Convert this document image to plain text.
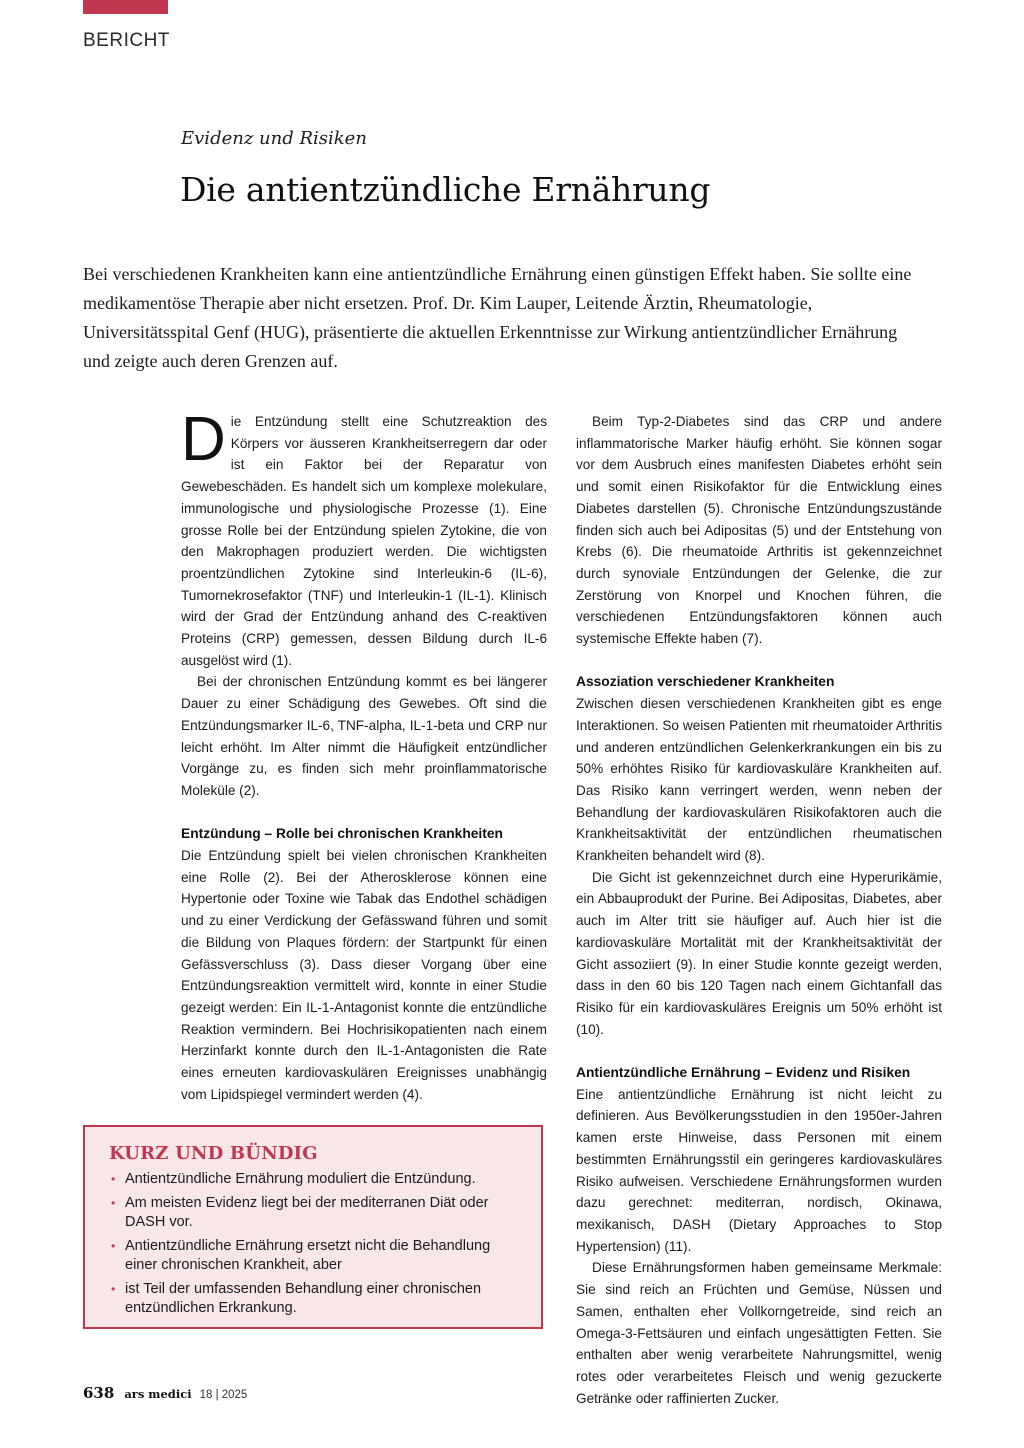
BERICHT
Evidenz und Risiken
Die antientzündliche Ernährung

Bei verschiedenen Krankheiten kann eine antientzündliche Ernährung einen günstigen Effekt haben. Sie sollte eine medikamentöse Therapie aber nicht ersetzen. Prof. Dr. Kim Lauper, Leitende Ärztin, Rheumatologie, Universitätsspital Genf (HUG), präsentierte die aktuellen Erkenntnisse zur Wirkung antientzündlicher Ernährung und zeigte auch deren Grenzen auf.

D ie Entzündung stellt eine Schutzreaktion des Körpers vor äusseren Krankheitserregern dar oder ist ein Faktor bei der Reparatur von Gewebeschäden. Es handelt sich um komplexe molekulare, immunologische und physiologische Prozesse (1). Eine grosse Rolle bei der Entzündung spielen Zytokine, die von den Makrophagen produziert werden. Die wichtigsten proentzündlichen Zytokine sind Interleukin-6 (IL-6), Tumornekrosefaktor (TNF) und Interleukin-1 (IL-1). Klinisch wird der Grad der Entzündung anhand des C-reaktiven Proteins (CRP) gemessen, dessen Bildung durch IL-6 ausgelöst wird (1).

Bei der chronischen Entzündung kommt es bei längerer Dauer zu einer Schädigung des Gewebes. Oft sind die Entzündungsmarker IL-6, TNF-alpha, IL-1-beta und CRP nur leicht erhöht. Im Alter nimmt die Häufigkeit entzündlicher Vorgänge zu, es finden sich mehr proinflammatorische Moleküle (2).

Entzündung – Rolle bei chronischen Krankheiten

Die Entzündung spielt bei vielen chronischen Krankheiten eine Rolle (2). Bei der Atherosklerose können eine Hypertonie oder Toxine wie Tabak das Endothel schädigen und zu einer Verdickung der Gefässwand führen und somit die Bildung von Plaques fördern: der Startpunkt für einen Gefässverschluss (3). Dass dieser Vorgang über eine Entzündungsreaktion vermittelt wird, konnte in einer Studie gezeigt werden: Ein IL-1-Antagonist konnte die entzündliche Reaktion vermindern. Bei Hochrisikopatienten nach einem Herzinfarkt konnte durch den IL-1-Antagonisten die Rate eines erneuten kardiovaskulären Ereignisses unabhängig vom Lipidspiegel vermindert werden (4).

Beim Typ-2-Diabetes sind das CRP und andere inflammatorische Marker häufig erhöht. Sie können sogar vor dem Ausbruch eines manifesten Diabetes erhöht sein und somit einen Risikofaktor für die Entwicklung eines Diabetes darstellen (5). Chronische Entzündungszustände finden sich auch bei Adipositas (5) und der Entstehung von Krebs (6). Die rheumatoide Arthritis ist gekennzeichnet durch synoviale Entzündungen der Gelenke, die zur Zerstörung von Knorpel und Knochen führen, die verschiedenen Entzündungsfaktoren können auch systemische Effekte haben (7).

Assoziation verschiedener Krankheiten

Zwischen diesen verschiedenen Krankheiten gibt es enge Interaktionen. So weisen Patienten mit rheumatoider Arthritis und anderen entzündlichen Gelenkerkrankungen ein bis zu 50% erhöhtes Risiko für kardiovaskuläre Krankheiten auf. Das Risiko kann verringert werden, wenn neben der Behandlung der kardiovaskulären Risikofaktoren auch die Krankheitsaktivität der entzündlichen rheumatischen Krankheiten behandelt wird (8).

Die Gicht ist gekennzeichnet durch eine Hyperurikämie, ein Abbauprodukt der Purine. Bei Adipositas, Diabetes, aber auch im Alter tritt sie häufiger auf. Auch hier ist die kardiovaskuläre Mortalität mit der Krankheitsaktivität der Gicht assoziiert (9). In einer Studie konnte gezeigt werden, dass in den 60 bis 120 Tagen nach einem Gichtanfall das Risiko für ein kardiovaskuläres Ereignis um 50% erhöht ist (10).

Antientzündliche Ernährung – Evidenz und Risiken

Eine antientzündliche Ernährung ist nicht leicht zu definieren. Aus Bevölkerungsstudien in den 1950er-Jahren kamen erste Hinweise, dass Personen mit einem bestimmten Ernährungsstil ein geringeres kardiovaskuläres Risiko aufweisen. Verschiedene Ernährungsformen wurden dazu gerechnet: mediterran, nordisch, Okinawa, mexikanisch, DASH (Dietary Approaches to Stop Hypertension) (11).

Diese Ernährungsformen haben gemeinsame Merkmale: Sie sind reich an Früchten und Gemüse, Nüssen und Samen, enthalten eher Vollkorngetreide, sind reich an Omega-3-Fettsäuren und einfach ungesättigten Fetten. Sie enthalten aber wenig verarbeitete Nahrungsmittel, wenig rotes oder verarbeitetes Fleisch und wenig gezuckerte Getränke oder raffinierten Zucker.

KURZ UND BÜNDIG
• Antientzündliche Ernährung moduliert die Entzündung.
• Am meisten Evidenz liegt bei der mediterranen Diät oder DASH vor.
• Antientzündliche Ernährung ersetzt nicht die Behandlung einer chronischen Krankheit, aber
• ist Teil der umfassenden Behandlung einer chronischen entzündlichen Erkrankung.
638 ars medici 18 | 2025
